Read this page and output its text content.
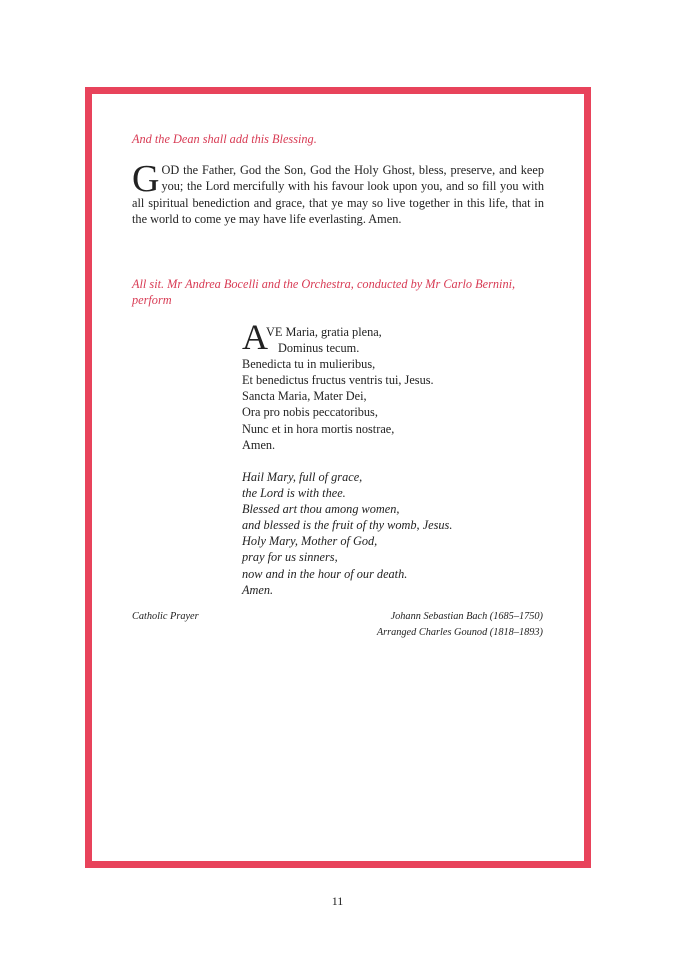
And the Dean shall add this Blessing.
G OD the Father, God the Son, God the Holy Ghost, bless, preserve, and keep you; the Lord mercifully with his favour look upon you, and so fill you with all spiritual benediction and grace, that ye may so live together in this life, that in the world to come ye may have life everlasting. Amen.
All sit. Mr Andrea Bocelli and the Orchestra, conducted by Mr Carlo Bernini,
perform
A
VE Maria, gratia plena,
Dominus tecum.
Benedicta tu in mulieribus,
Et benedictus fructus ventris tui, Jesus.
Sancta Maria, Mater Dei,
Ora pro nobis peccatoribus,
Nunc et in hora mortis nostrae,
Amen.
Hail Mary, full of grace,
the Lord is with thee.
Blessed art thou among women,
and blessed is the fruit of thy womb, Jesus.
Holy Mary, Mother of God,
pray for us sinners,
now and in the hour of our death.
Amen.
Catholic Prayer	Johann Sebastian Bach (1685–1750)
Arranged Charles Gounod (1818–1893)
11
